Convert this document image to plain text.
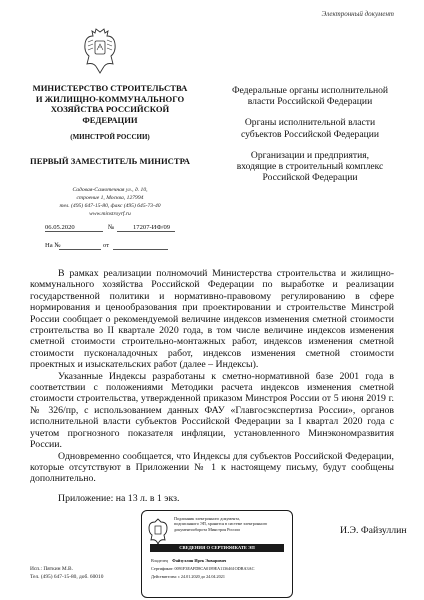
Электронный документ
МИНИСТЕРСТВО СТРОИТЕЛЬСТВА И ЖИЛИЩНО-КОММУНАЛЬНОГО ХОЗЯЙСТВА РОССИЙСКОЙ ФЕДЕРАЦИИ
(МИНСТРОЙ РОССИИ)
ПЕРВЫЙ ЗАМЕСТИТЕЛЬ МИНИСТРА
Садовая-Самотечная ул., д. 10,
строение 1, Москва, 127994
тел. (495) 647-15-80, факс (495) 645-73-40
www.minstroyrf.ru
06.05.2020	№	17207-ИФ/09
На №	от

Федеральные органы исполнительной власти Российской Федерации

Органы исполнительной власти субъектов Российской Федерации

Организации и предприятия, входящие в строительный комплекс Российской Федерации

В рамках реализации полномочий Министерства строительства и жилищно-коммунального хозяйства Российской Федерации по выработке и реализации государственной политики и нормативно-правовому регулированию в сфере нормирования и ценообразования при проектировании и строительстве Минстрой России сообщает о рекомендуемой величине индексов изменения сметной стоимости строительства во II квартале 2020 года, в том числе величине индексов изменения сметной стоимости строительно-монтажных работ, индексов изменения сметной стоимости пусконаладочных работ, индексов изменения сметной стоимости проектных и изыскательских работ (далее – Индексы).

Указанные Индексы разработаны к сметно-нормативной базе 2001 года в соответствии с положениями Методики расчета индексов изменения сметной стоимости строительства, утвержденной приказом Минстроя России от 5 июня 2019 г. № 326/пр, с использованием данных ФАУ «Главгосэкспертиза России», органов исполнительной власти субъектов Российской Федерации за I квартал 2020 года с учетом прогнозного показателя инфляции, установленного Минэкономразвития России.

Одновременно сообщается, что Индексы для субъектов Российской Федерации, которые отсутствуют в Приложении № 1 к настоящему письму, будут сообщены дополнительно.

Приложение: на 13 л. в 1 экз.
И.Э. Файзуллин
Исп.: Пяткин М.В.
Тел. (495) 647-15-80, доб. 60010
Подлинник электронного документа,
подписанного ЭП, хранится в системе электронного
документооборота Минстроя России
СВЕДЕНИЯ О СЕРТИФИКАТЕ ЭП
Владелец Файзуллин Ирек Энварович
Сертификат: 0091F3EAFD8CA0189EA1136461ODBA3AC
Действителен: с 24.01.2020 до 24.04.2021
